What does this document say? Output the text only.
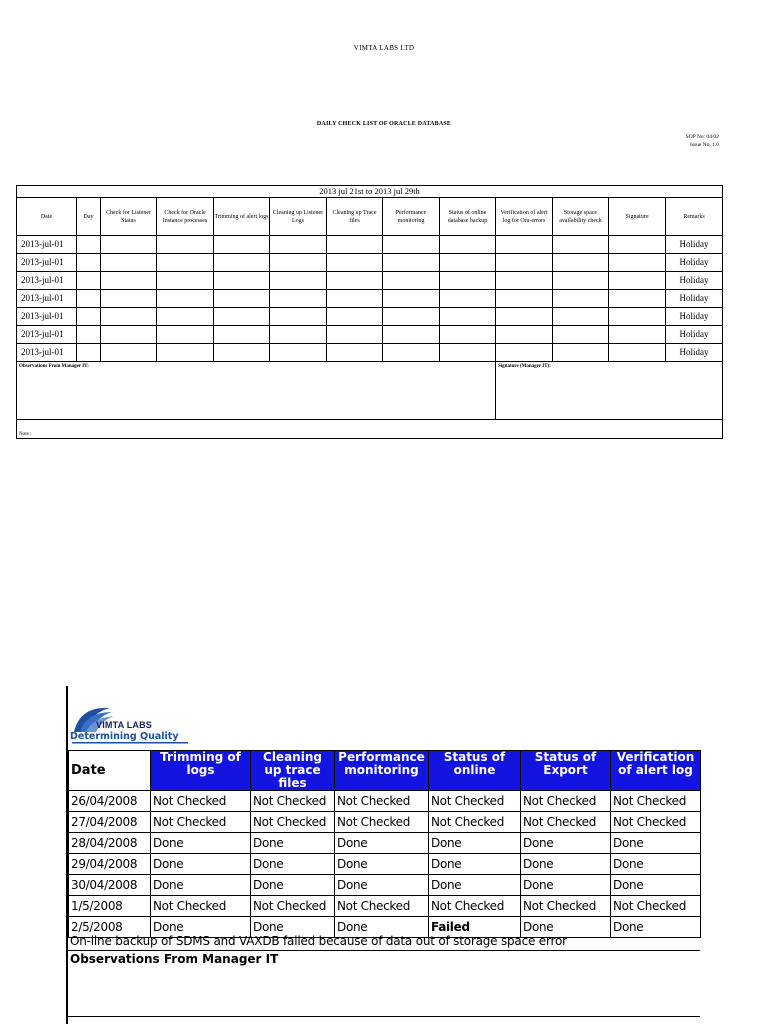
VIMTA LABS LTD
DAILY CHECK LIST OF ORACLE DATABASE
SOP No: 04/02
Issue No. 1.0
2013 jul 21st to 2013 jul 29th												
Date	Day	Check for Listener Status	Check for Oracle Instance processes	Trimming of alert logs	Cleaning up Listener Logs	Cleaning up Trace files	Performance monitoring	Status of online database backup	Verification of alert log for Ora-errors	Storage space availability check	Signature	Remarks
2013-jul-01												Holiday
2013-jul-01												Holiday
2013-jul-01												Holiday
2013-jul-01												Holiday
2013-jul-01												Holiday
2013-jul-01												Holiday
2013-jul-01												Holiday
Observations From Manager IT:									Signature (Manager IT):			
Note :												
VIMTA LABS
Determining Quality
Date	Trimming of logs	Cleaning up trace files	Performance monitoring	Status of online	Status of Export	Verification of alert log
26/04/2008	Not Checked	Not Checked	Not Checked	Not Checked	Not Checked	Not Checked
27/04/2008	Not Checked	Not Checked	Not Checked	Not Checked	Not Checked	Not Checked
28/04/2008	Done	Done	Done	Done	Done	Done
29/04/2008	Done	Done	Done	Done	Done	Done
30/04/2008	Done	Done	Done	Done	Done	Done
1/5/2008	Not Checked	Not Checked	Not Checked	Not Checked	Not Checked	Not Checked
2/5/2008	Done	Done	Done	Failed	Done	Done
On-line backup of SDMS and VAXDB failed because of data out of storage space error
Observations From Manager IT
